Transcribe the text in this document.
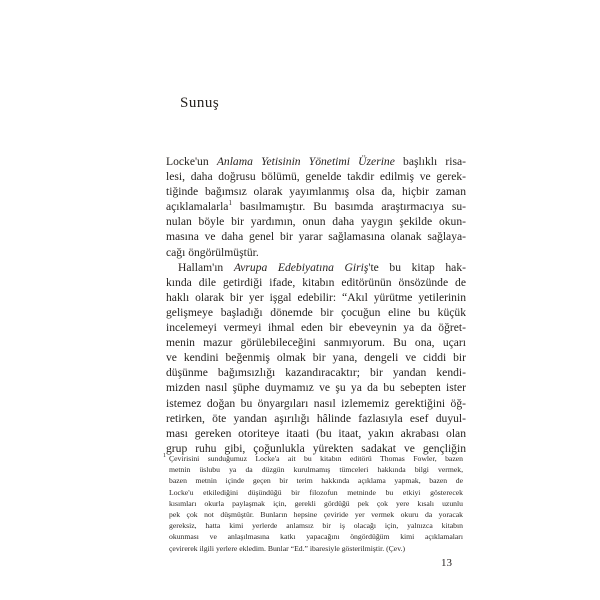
Sunuş
Locke'un Anlama Yetisinin Yönetimi Üzerine başlıklı risa-
lesi, daha doğrusu bölümü, genelde takdir edilmiş ve gerek-
tiğinde bağımsız olarak yayımlanmış olsa da, hiçbir zaman
açıklamalarla$^1$ basılmamıştır. Bu basımda araştırmacıya su-
nulan böyle bir yardımın, onun daha yaygın şekilde okun-
masına ve daha genel bir yarar sağlamasına olanak sağlaya-
cağı öngörülmüştür.
Hallam'ın Avrupa Edebiyatına Giriş'te bu kitap hak-
kında dile getirdiği ifade, kitabın editörünün önsözünde de
haklı olarak bir yer işgal edebilir: “Akıl yürütme yetilerinin
gelişmeye başladığı dönemde bir çocuğun eline bu küçük
incelemeyi vermeyi ihmal eden bir ebeveynin ya da öğret-
menin mazur görülebileceğini sanmıyorum. Bu ona, uçarı
ve kendini beğenmiş olmak bir yana, dengeli ve ciddi bir
düşünme bağımsızlığı kazandıracaktır; bir yandan kendi-
mizden nasıl şüphe duymamız ve şu ya da bu sebepten ister
istemez doğan bu önyargıları nasıl izlememiz gerektiğini öğ-
retirken, öte yandan aşırılığı hâlinde fazlasıyla esef duyul-
ması gereken otoriteye itaati (bu itaat, yakın akrabası olan
grup ruhu gibi, çoğunlukla yürekten sadakat ve gençliğin
1 Çevirisini sunduğumuz Locke'a ait bu kitabın editörü Thomas Fowler, bazen
metnin üslubu ya da düzgün kurulmamış tümceleri hakkında bilgi vermek,
bazen metnin içinde geçen bir terim hakkında açıklama yapmak, bazen de
Locke'u etkilediğini düşündüğü bir filozofun metninde bu etkiyi gösterecek
kısımları okurla paylaşmak için, gerekli gördüğü pek çok yere kısalı uzunlu
pek çok not düşmüştür. Bunların hepsine çeviride yer vermek okuru da yoracak
gereksiz, hatta kimi yerlerde anlamsız bir iş olacağı için, yalnızca kitabın
okunması ve anlaşılmasına katkı yapacağını öngördüğüm kimi açıklamaları
çevirerek ilgili yerlere ekledim. Bunlar “Ed.” ibaresiyle gösterilmiştir. (Çev.)
13
